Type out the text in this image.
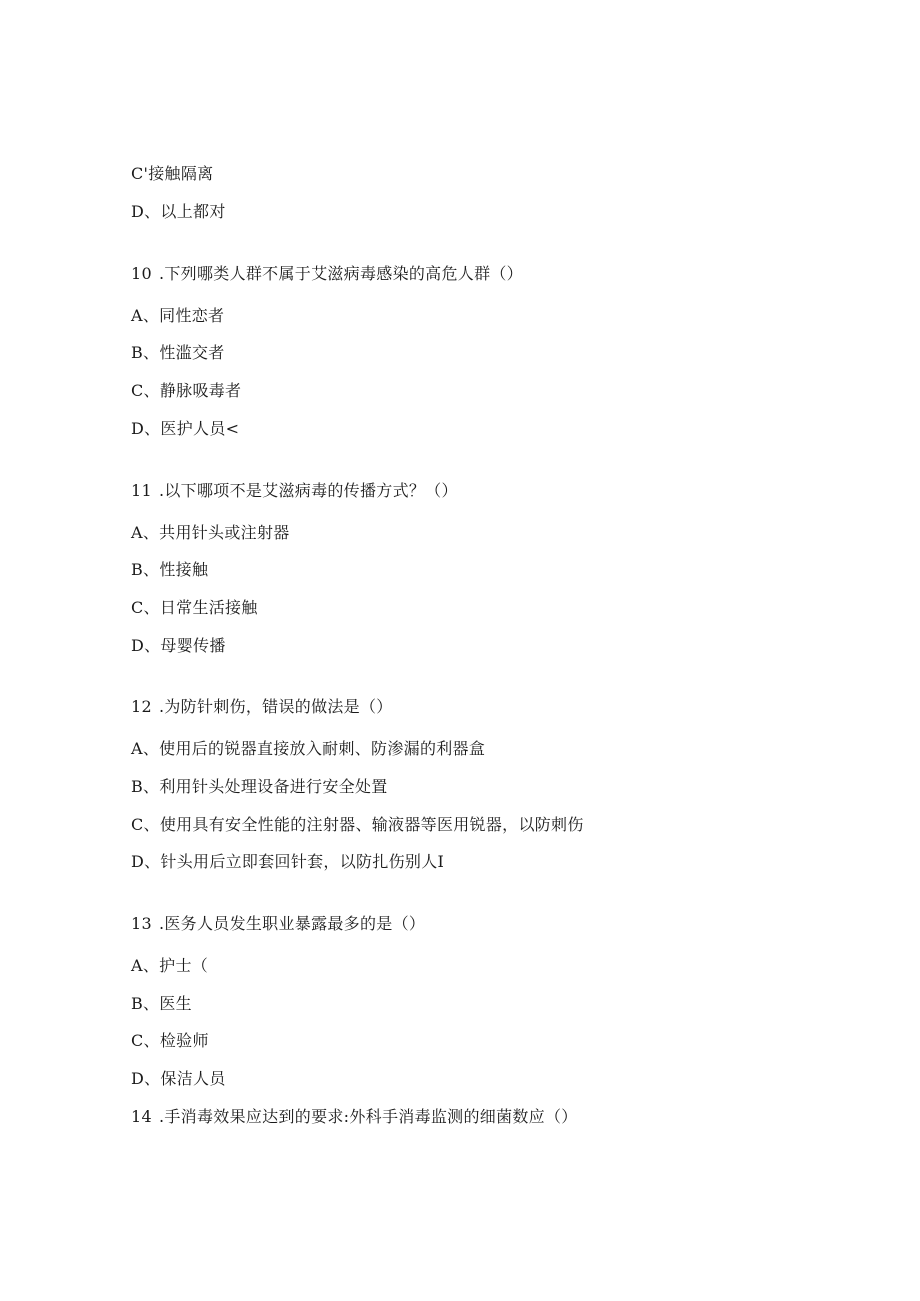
C'接触隔离
D、以上都对
10 .下列哪类人群不属于艾滋病毒感染的高危人群（）
A、同性恋者
B、性滥交者
C、静脉吸毒者
D、医护人员<
11 .以下哪项不是艾滋病毒的传播方式？（）
A、共用针头或注射器
B、性接触
C、日常生活接触
D、母婴传播
12 .为防针刺伤，错误的做法是（）
A、使用后的锐器直接放入耐刺、防渗漏的利器盒
B、利用针头处理设备进行安全处置
C、使用具有安全性能的注射器、输液器等医用锐器，以防刺伤
D、针头用后立即套回针套，以防扎伤别人I
13 .医务人员发生职业暴露最多的是（）
A、护士（
B、医生
C、检验师
D、保洁人员
14 .手消毒效果应达到的要求:外科手消毒监测的细菌数应（）
